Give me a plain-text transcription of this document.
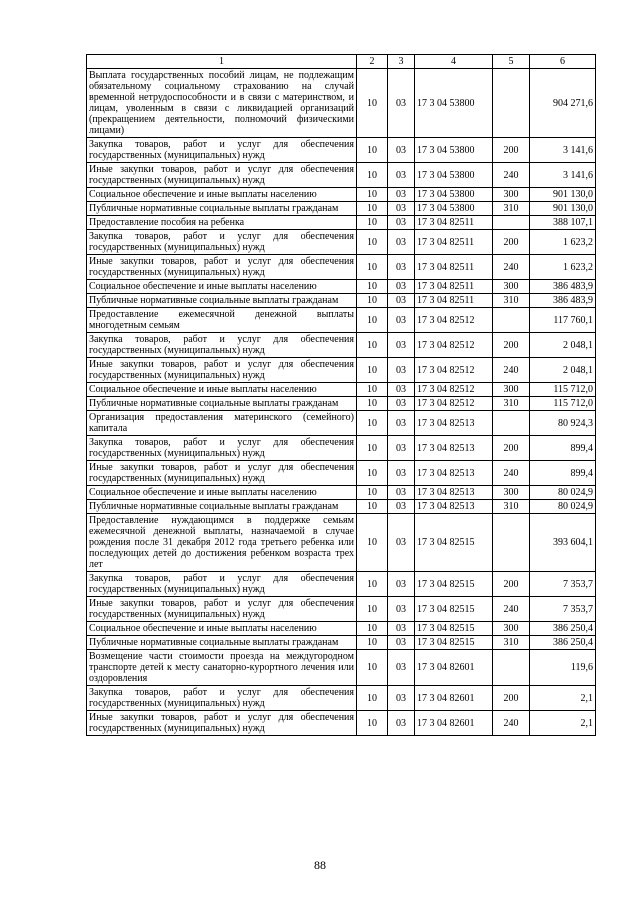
1	2	3	4	5	6
Выплата государственных пособий лицам, не подлежащим обязательному социальному страхованию на случай временной нетрудоспособности и в связи с материнством, и лицам, уволенным в связи с ликвидацией организаций (прекращением деятельности, полномочий физическими лицами)	10	03	17 3 04 53800		904 271,6
Закупка товаров, работ и услуг для обеспечения государственных (муниципальных) нужд	10	03	17 3 04 53800	200	3 141,6
Иные закупки товаров, работ и услуг для обеспечения государственных (муниципальных) нужд	10	03	17 3 04 53800	240	3 141,6
Социальное обеспечение и иные выплаты населению	10	03	17 3 04 53800	300	901 130,0
Публичные нормативные социальные выплаты гражданам	10	03	17 3 04 53800	310	901 130,0
Предоставление пособия на ребенка	10	03	17 3 04 82511		388 107,1
Закупка товаров, работ и услуг для обеспечения государственных (муниципальных) нужд	10	03	17 3 04 82511	200	1 623,2
Иные закупки товаров, работ и услуг для обеспечения государственных (муниципальных) нужд	10	03	17 3 04 82511	240	1 623,2
Социальное обеспечение и иные выплаты населению	10	03	17 3 04 82511	300	386 483,9
Публичные нормативные социальные выплаты гражданам	10	03	17 3 04 82511	310	386 483,9
Предоставление ежемесячной денежной выплаты многодетным семьям	10	03	17 3 04 82512		117 760,1
Закупка товаров, работ и услуг для обеспечения государственных (муниципальных) нужд	10	03	17 3 04 82512	200	2 048,1
Иные закупки товаров, работ и услуг для обеспечения государственных (муниципальных) нужд	10	03	17 3 04 82512	240	2 048,1
Социальное обеспечение и иные выплаты населению	10	03	17 3 04 82512	300	115 712,0
Публичные нормативные социальные выплаты гражданам	10	03	17 3 04 82512	310	115 712,0
Организация предоставления материнского (семейного) капитала	10	03	17 3 04 82513		80 924,3
Закупка товаров, работ и услуг для обеспечения государственных (муниципальных) нужд	10	03	17 3 04 82513	200	899,4
Иные закупки товаров, работ и услуг для обеспечения государственных (муниципальных) нужд	10	03	17 3 04 82513	240	899,4
Социальное обеспечение и иные выплаты населению	10	03	17 3 04 82513	300	80 024,9
Публичные нормативные социальные выплаты гражданам	10	03	17 3 04 82513	310	80 024,9
Предоставление нуждающимся в поддержке семьям ежемесячной денежной выплаты, назначаемой в случае рождения после 31 декабря 2012 года третьего ребенка или последующих детей до достижения ребенком возраста трех лет	10	03	17 3 04 82515		393 604,1
Закупка товаров, работ и услуг для обеспечения государственных (муниципальных) нужд	10	03	17 3 04 82515	200	7 353,7
Иные закупки товаров, работ и услуг для обеспечения государственных (муниципальных) нужд	10	03	17 3 04 82515	240	7 353,7
Социальное обеспечение и иные выплаты населению	10	03	17 3 04 82515	300	386 250,4
Публичные нормативные социальные выплаты гражданам	10	03	17 3 04 82515	310	386 250,4
Возмещение части стоимости проезда на междугородном транспорте детей к месту санаторно-курортного лечения или оздоровления	10	03	17 3 04 82601		119,6
Закупка товаров, работ и услуг для обеспечения государственных (муниципальных) нужд	10	03	17 3 04 82601	200	2,1
Иные закупки товаров, работ и услуг для обеспечения государственных (муниципальных) нужд	10	03	17 3 04 82601	240	2,1
88
